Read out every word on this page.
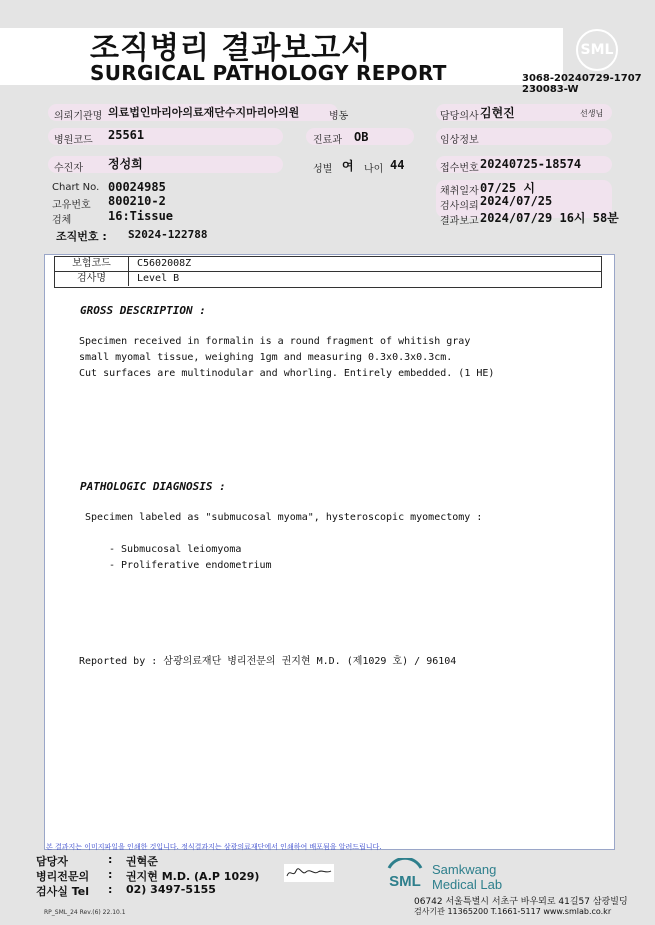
조직병리 결과보고서
SURGICAL PATHOLOGY REPORT
SML
3068-20240729-1707
230083-W
의뢰기관명 의료법인마리아의료재단수지마리아의원	병동	담당의사 김현진	선생님
병원코드 25561	진료과 OB	임상정보
수진자 정성희	성별 여 나이 44	접수번호 20240725-18574
Chart No. 00024985
고유번호 800210-2
검체	16:Tissue
채취일자 07/25 시
검사의뢰 2024/07/25
결과보고 2024/07/29 16시 58분
조직번호 : S2024-122788
보험코드	C5602008Z
검사명	Level B
GROSS DESCRIPTION :
Specimen received in formalin is a round fragment of whitish gray
small myomal tissue, weighing 1gm and measuring 0.3x0.3x0.3cm.
Cut surfaces are multinodular and whorling. Entirely embedded. (1 HE)
PATHOLOGIC DIAGNOSIS :
Specimen labeled as "submucosal myoma", hysteroscopic myomectomy :
- Submucosal leiomyoma
- Proliferative endometrium
Reported by : 삼광의료재단 병리전문의 권지현 M.D. (제1029 호) / 96104
본 결과지는 이미지파일을 인쇄한 것입니다. 정식결과지는 삼광의료재단에서 인쇄하여 배포됨을 알려드립니다.
담당자	: 권혁준
병리전문의 : 권지현 M.D. (A.P 1029)
검사실 Tel : 02) 3497-5155	SML
Samkwang
Medical Lab
06742 서울특별시 서초구 바우뫼로 41길57 삼광빌딩
검사기관 11365200 T.1661-5117 www.smlab.co.kr
RP_SML_24 Rev.(6) 22.10.1
